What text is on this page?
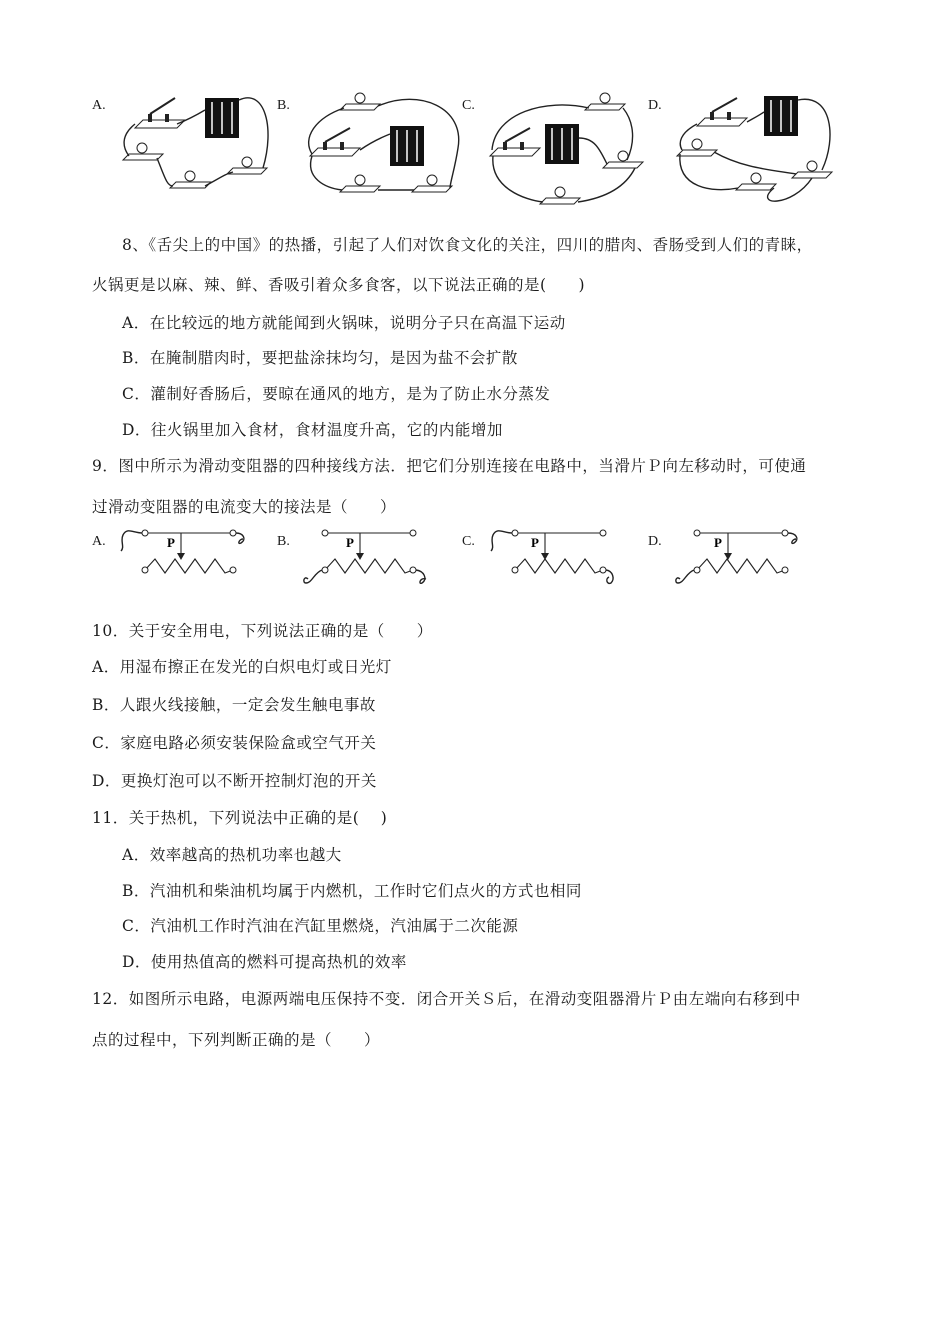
A.	B.	C.	D.
8、《舌尖上的中国》的热播，引起了人们对饮食文化的关注，四川的腊肉、香肠受到人们的青睐，
火锅更是以麻、辣、鲜、香吸引着众多食客，以下说法正确的是(　　)
A．在比较远的地方就能闻到火锅味，说明分子只在高温下运动
B．在腌制腊肉时，要把盐涂抹均匀，是因为盐不会扩散
C．灌制好香肠后，要晾在通风的地方，是为了防止水分蒸发
D．往火锅里加入食材，食材温度升高，它的内能增加
9．图中所示为滑动变阻器的四种接线方法．把它们分别连接在电路中，当滑片Ｐ向左移动时，可使通
过滑动变阻器的电流变大的接法是（　　）
A.	B.	C.	D.
P	P	P	P
10．关于安全用电，下列说法正确的是（　　）
A．用湿布擦正在发光的白炽电灯或日光灯
B．人跟火线接触，一定会发生触电事故
C．家庭电路必须安装保险盒或空气开关
D．更换灯泡可以不断开控制灯泡的开关
11．关于热机，下列说法中正确的是(　 )
A．效率越高的热机功率也越大
B．汽油机和柴油机均属于内燃机，工作时它们点火的方式也相同
C．汽油机工作时汽油在汽缸里燃烧，汽油属于二次能源
D．使用热值高的燃料可提高热机的效率
12．如图所示电路，电源两端电压保持不变．闭合开关Ｓ后，在滑动变阻器滑片Ｐ由左端向右移到中
点的过程中，下列判断正确的是（　　）
